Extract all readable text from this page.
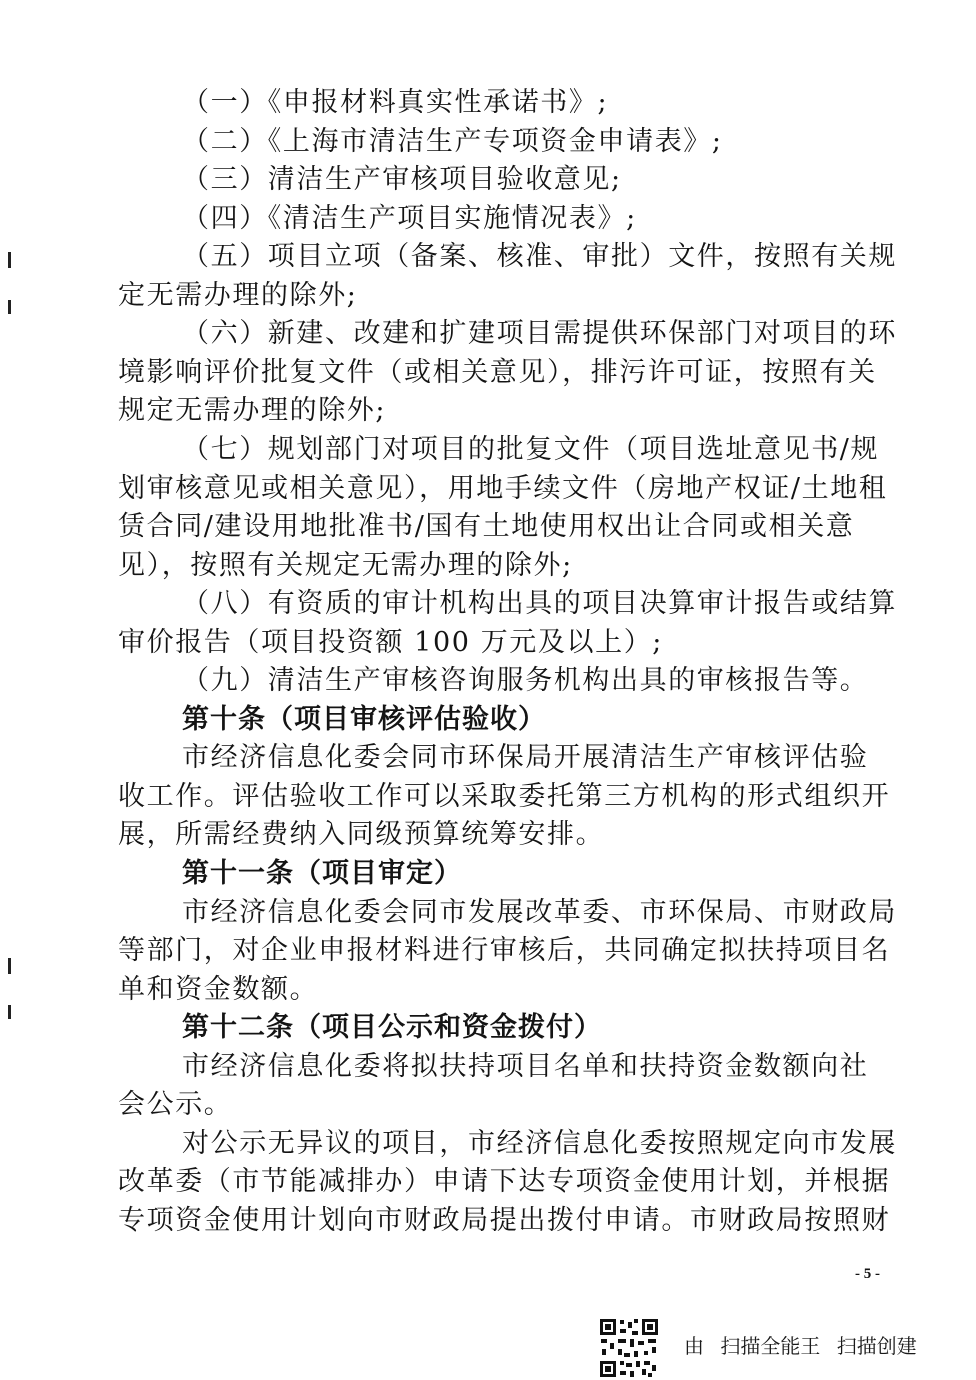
（一）《申报材料真实性承诺书》;
（二）《上海市清洁生产专项资金申请表》;
（三）清洁生产审核项目验收意见;
（四）《清洁生产项目实施情况表》;
（五）项目立项（备案、核准、审批）文件，按照有关规
定无需办理的除外;
（六）新建、改建和扩建项目需提供环保部门对项目的环
境影响评价批复文件（或相关意见），排污许可证，按照有关
规定无需办理的除外;
（七）规划部门对项目的批复文件（项目选址意见书/规
划审核意见或相关意见），用地手续文件（房地产权证/土地租
赁合同/建设用地批准书/国有土地使用权出让合同或相关意
见），按照有关规定无需办理的除外;
（八）有资质的审计机构出具的项目决算审计报告或结算
审价报告（项目投资额 100 万元及以上）;
（九）清洁生产审核咨询服务机构出具的审核报告等。
第十条（项目审核评估验收）
市经济信息化委会同市环保局开展清洁生产审核评估验
收工作。评估验收工作可以采取委托第三方机构的形式组织开
展，所需经费纳入同级预算统筹安排。
第十一条（项目审定）
市经济信息化委会同市发展改革委、市环保局、市财政局
等部门，对企业申报材料进行审核后，共同确定拟扶持项目名
单和资金数额。
第十二条（项目公示和资金拨付）
市经济信息化委将拟扶持项目名单和扶持资金数额向社
会公示。
对公示无异议的项目，市经济信息化委按照规定向市发展
改革委（市节能减排办）申请下达专项资金使用计划，并根据
专项资金使用计划向市财政局提出拨付申请。市财政局按照财
- 5 -
由 扫描全能王 扫描创建
